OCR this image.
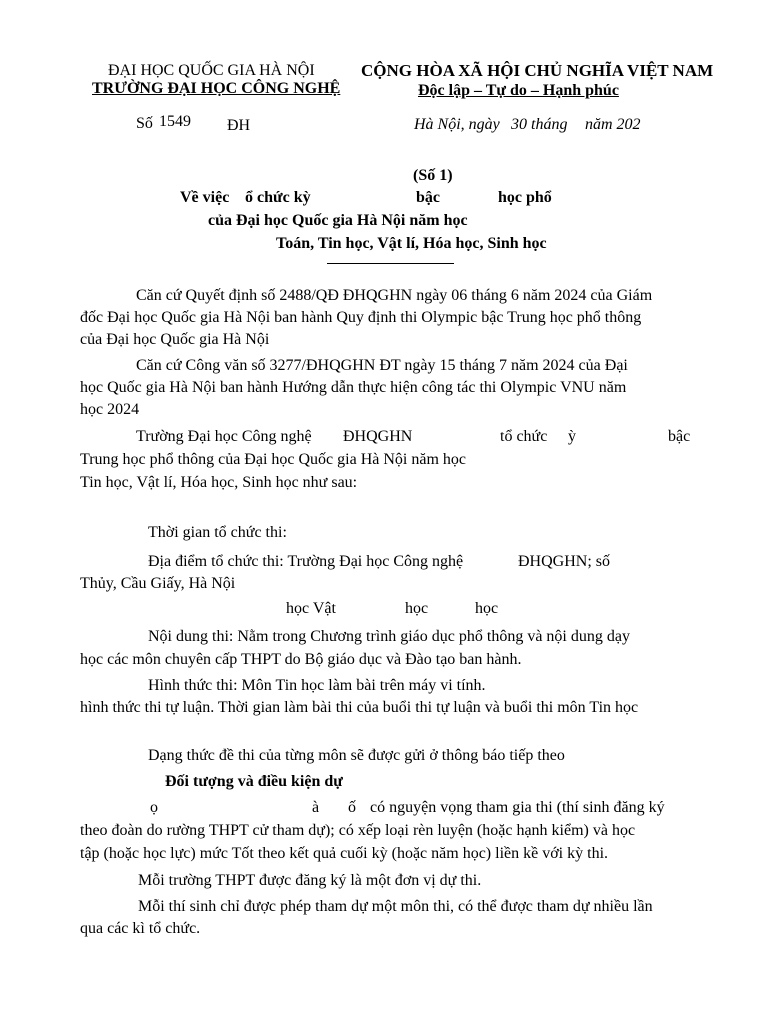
ĐẠI HỌC QUỐC GIA HÀ NỘI
TRƯỜNG ĐẠI HỌC CÔNG NGHỆ
CỘNG HÒA XÃ HỘI CHỦ NGHĨA VIỆT NAM
Độc lập – Tự do – Hạnh phúc
Số 1549 ĐH	Hà Nội, ngày 30 tháng năm 202
(Số 1)
Về việc ổ chức kỳ	bậc	học phổ
của Đại học Quốc gia Hà Nội năm học
Toán, Tin học, Vật lí, Hóa học, Sinh học
Căn cứ Quyết định số 2488/QĐ ĐHQGHN ngày 06 tháng 6 năm 2024 của Giám
đốc Đại học Quốc gia Hà Nội ban hành Quy định thi Olympic bậc Trung học phổ thông
của Đại học Quốc gia Hà Nội
Căn cứ Công văn số 3277/ĐHQGHN ĐT ngày 15 tháng 7 năm 2024 của Đại
học Quốc gia Hà Nội ban hành Hướng dẫn thực hiện công tác thi Olympic VNU năm
học 2024
Trường Đại học Công nghệ ĐHQGHN	tổ chức ỳ	bậc
Trung học phổ thông của Đại học Quốc gia Hà Nội năm học
Tin học, Vật lí, Hóa học, Sinh học như sau:
Thời gian tổ chức thi:
Địa điểm tổ chức thi: Trường Đại học Công nghệ	ĐHQGHN; số
Thủy, Cầu Giấy, Hà Nội
học Vật	học	học
Nội dung thi: Nằm trong Chương trình giáo dục phổ thông và nội dung dạy
học các môn chuyên cấp THPT do Bộ giáo dục và Đào tạo ban hành.
Hình thức thi: Môn Tin học làm bài trên máy vi tính.
hình thức thi tự luận. Thời gian làm bài thi của buổi thi tự luận và buổi thi môn Tin học
Dạng thức đề thi của từng môn sẽ được gửi ở thông báo tiếp theo
Đối tượng và điều kiện dự
ọ	à ố có nguyện vọng tham gia thi (thí sinh đăng ký
theo đoàn do rường THPT cử tham dự); có xếp loại rèn luyện (hoặc hạnh kiểm) và học
tập (hoặc học lực) mức Tốt theo kết quả cuối kỳ (hoặc năm học) liền kề với kỳ thi.
Mỗi trường THPT được đăng ký là một đơn vị dự thi.
Mỗi thí sinh chỉ được phép tham dự một môn thi, có thể được tham dự nhiều lần
qua các kì tổ chức.
